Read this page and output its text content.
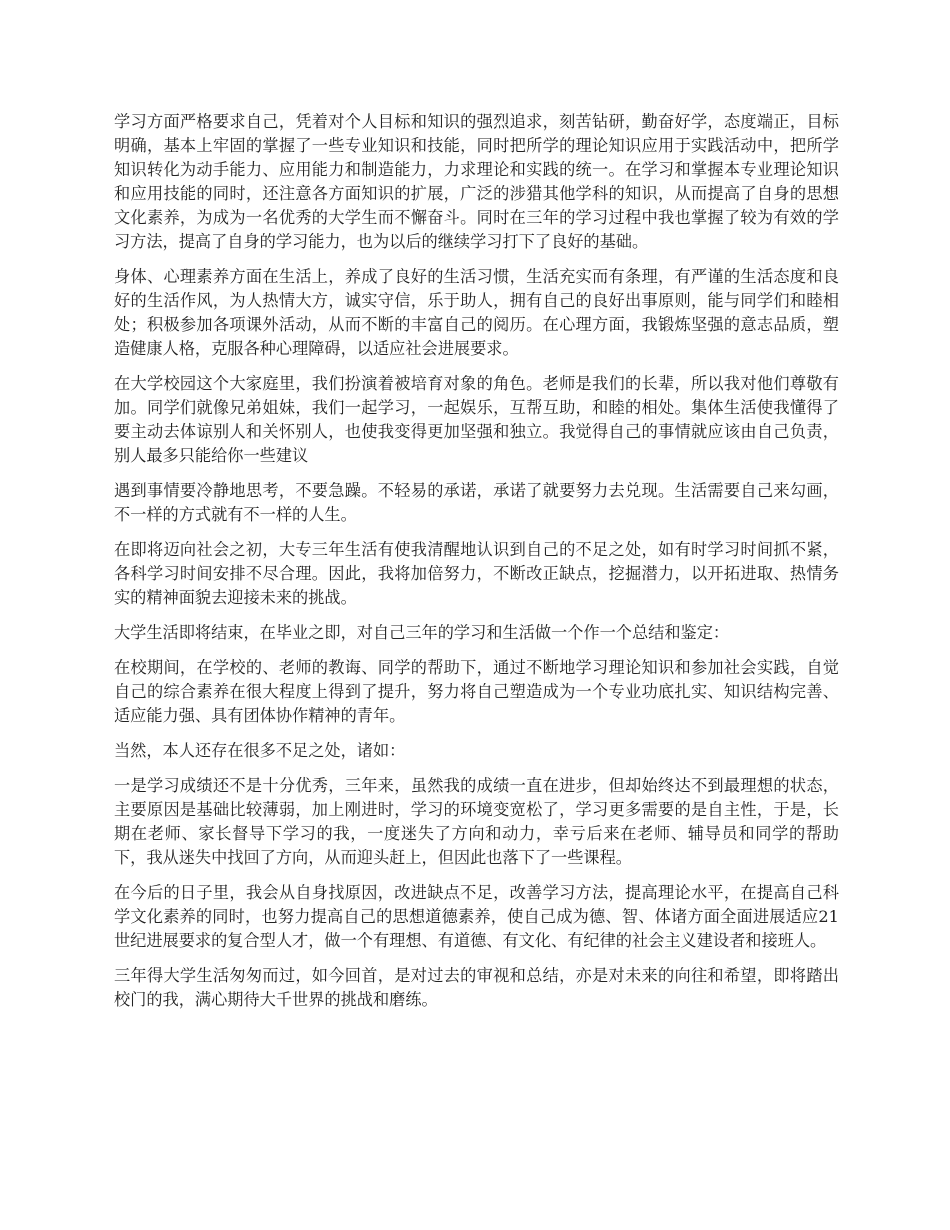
学习方面严格要求自己，凭着对个人目标和知识的强烈追求，刻苦钻研，勤奋好学，态度端正，目标明确，基本上牢固的掌握了一些专业知识和技能，同时把所学的理论知识应用于实践活动中，把所学知识转化为动手能力、应用能力和制造能力，力求理论和实践的统一。在学习和掌握本专业理论知识和应用技能的同时，还注意各方面知识的扩展，广泛的涉猎其他学科的知识，从而提高了自身的思想文化素养，为成为一名优秀的大学生而不懈奋斗。同时在三年的学习过程中我也掌握了较为有效的学习方法，提高了自身的学习能力，也为以后的继续学习打下了良好的基础。

身体、心理素养方面在生活上，养成了良好的生活习惯，生活充实而有条理，有严谨的生活态度和良好的生活作风，为人热情大方，诚实守信，乐于助人，拥有自己的良好出事原则，能与同学们和睦相处；积极参加各项课外活动，从而不断的丰富自己的阅历。在心理方面，我锻炼坚强的意志品质，塑造健康人格，克服各种心理障碍，以适应社会进展要求。

在大学校园这个大家庭里，我们扮演着被培育对象的角色。老师是我们的长辈，所以我对他们尊敬有加。同学们就像兄弟姐妹，我们一起学习，一起娱乐，互帮互助，和睦的相处。集体生活使我懂得了要主动去体谅别人和关怀别人，也使我变得更加坚强和独立。我觉得自己的事情就应该由自己负责，别人最多只能给你一些建议

遇到事情要冷静地思考，不要急躁。不轻易的承诺，承诺了就要努力去兑现。生活需要自己来勾画，不一样的方式就有不一样的人生。

在即将迈向社会之初，大专三年生活有使我清醒地认识到自己的不足之处，如有时学习时间抓不紧，各科学习时间安排不尽合理。因此，我将加倍努力，不断改正缺点，挖掘潜力，以开拓进取、热情务实的精神面貌去迎接未来的挑战。

大学生活即将结束，在毕业之即，对自己三年的学习和生活做一个作一个总结和鉴定：

在校期间，在学校的、老师的教诲、同学的帮助下，通过不断地学习理论知识和参加社会实践，自觉自己的综合素养在很大程度上得到了提升，努力将自己塑造成为一个专业功底扎实、知识结构完善、适应能力强、具有团体协作精神的青年。

当然，本人还存在很多不足之处，诸如：

一是学习成绩还不是十分优秀，三年来，虽然我的成绩一直在进步，但却始终达不到最理想的状态，主要原因是基础比较薄弱，加上刚进时，学习的环境变宽松了，学习更多需要的是自主性，于是，长期在老师、家长督导下学习的我，一度迷失了方向和动力，幸亏后来在老师、辅导员和同学的帮助下，我从迷失中找回了方向，从而迎头赶上，但因此也落下了一些课程。

在今后的日子里，我会从自身找原因，改进缺点不足，改善学习方法，提高理论水平，在提高自己科学文化素养的同时，也努力提高自己的思想道德素养，使自己成为德、智、体诸方面全面进展适应21世纪进展要求的复合型人才，做一个有理想、有道德、有文化、有纪律的社会主义建设者和接班人。

三年得大学生活匆匆而过，如今回首，是对过去的审视和总结，亦是对未来的向往和希望，即将踏出校门的我，满心期待大千世界的挑战和磨练。
